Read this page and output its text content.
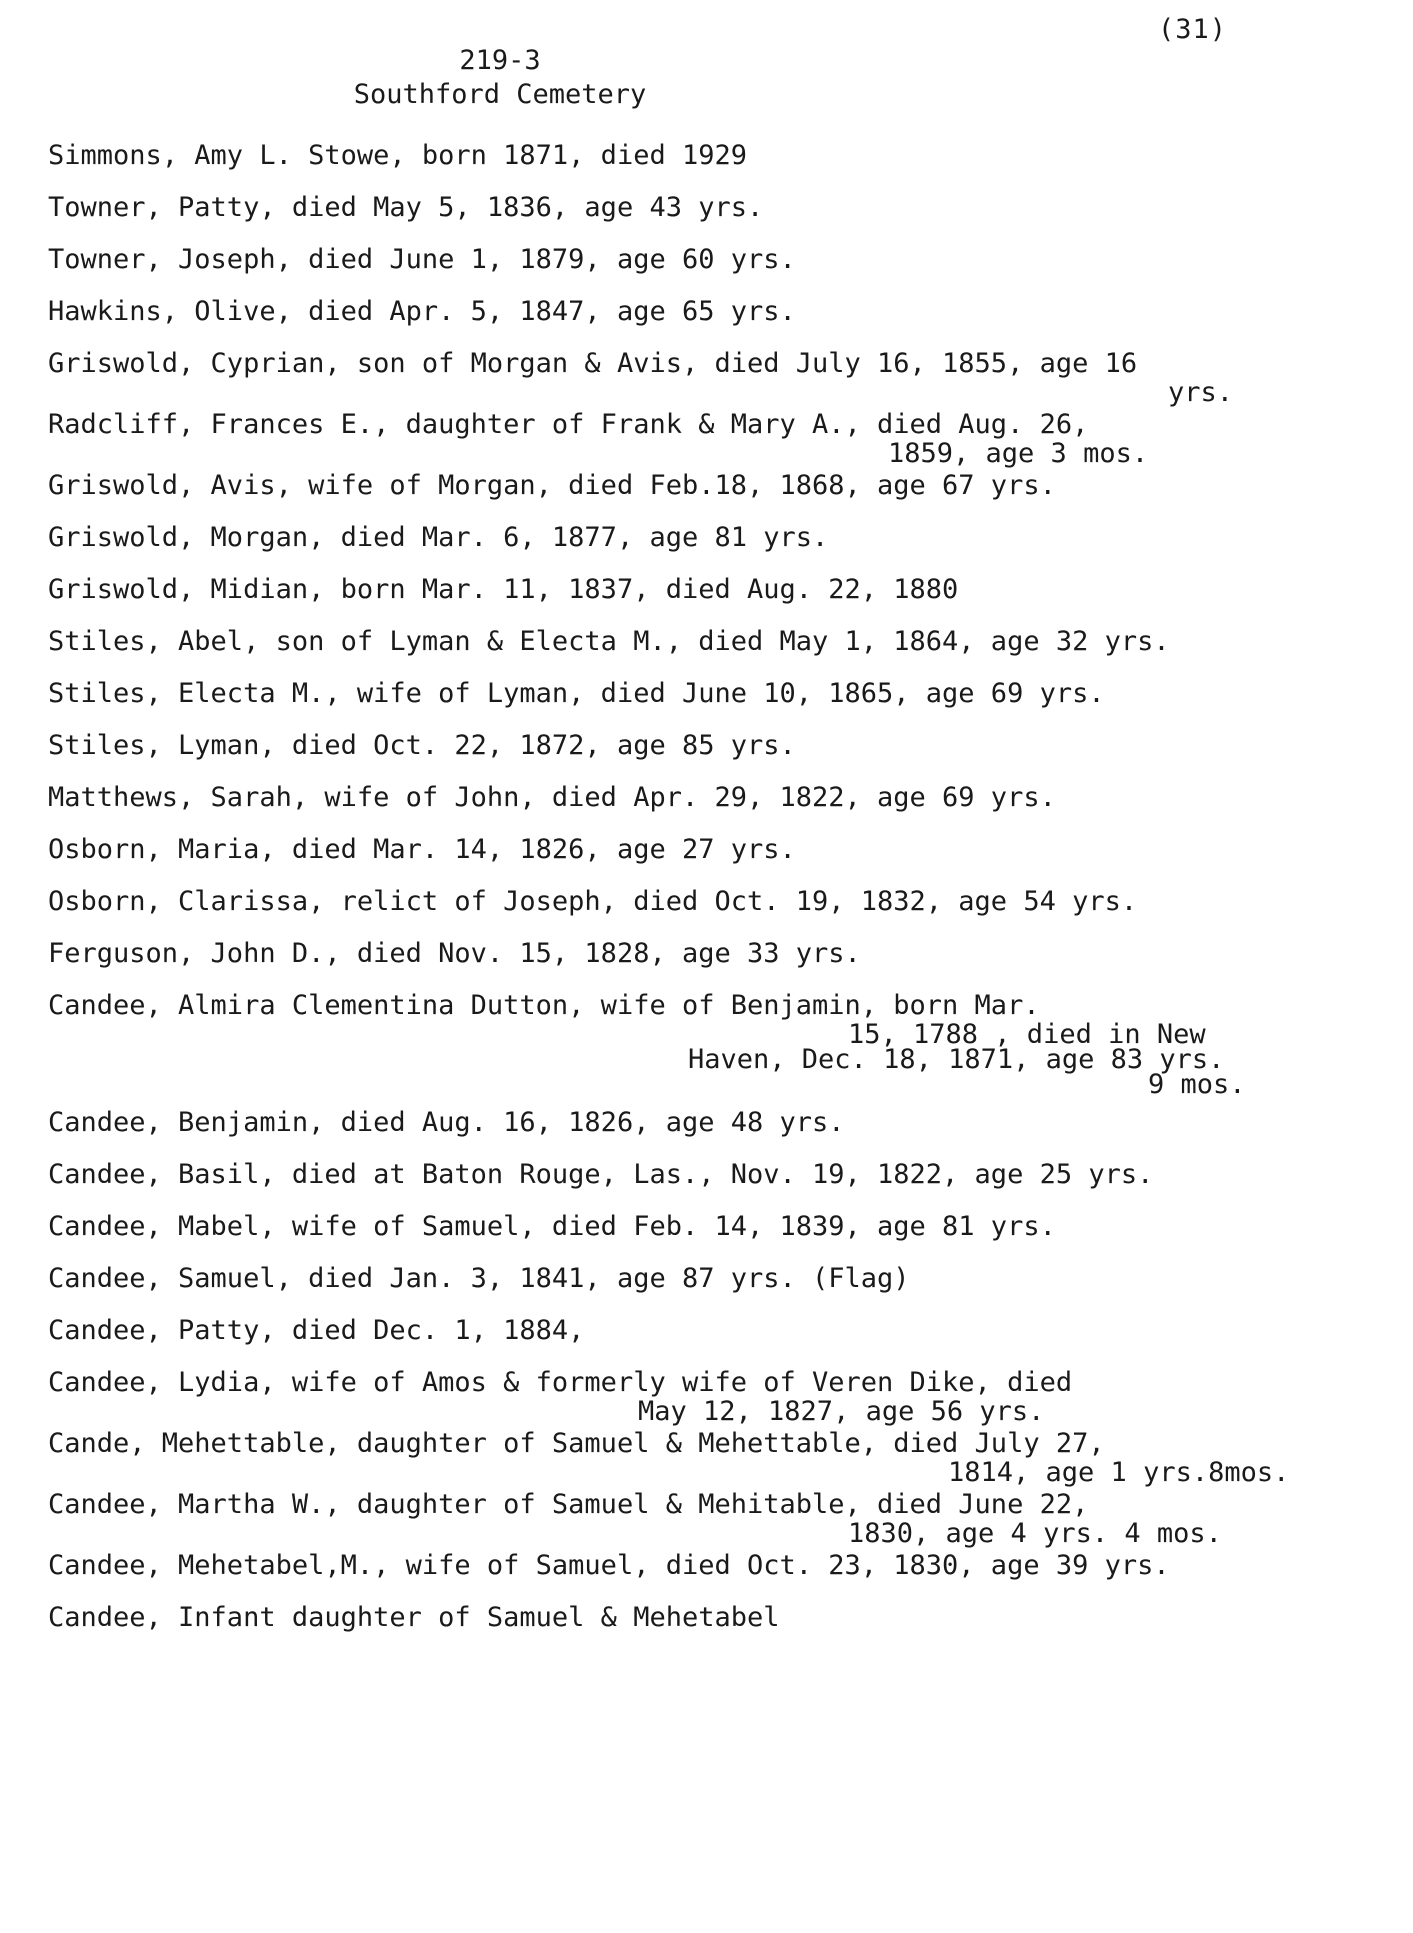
(31)
219-3
Southford Cemetery
Simmons, Amy L. Stowe, born 1871, died 1929
Towner, Patty, died May 5, 1836, age 43 yrs.
Towner, Joseph, died June 1, 1879, age 60 yrs.
Hawkins, Olive, died Apr. 5, 1847, age 65 yrs.
Griswold, Cyprian, son of Morgan & Avis, died July 16, 1855, age 16
yrs.
Radcliff, Frances E., daughter of Frank & Mary A., died Aug. 26,
1859, age 3 mos.
Griswold, Avis, wife of Morgan, died Feb.18, 1868, age 67 yrs.
Griswold, Morgan, died Mar. 6, 1877, age 81 yrs.
Griswold, Midian, born Mar. 11, 1837, died Aug. 22, 1880
Stiles, Abel, son of Lyman & Electa M., died May 1, 1864, age 32 yrs.
Stiles, Electa M., wife of Lyman, died June 10, 1865, age 69 yrs.
Stiles, Lyman, died Oct. 22, 1872, age 85 yrs.
Matthews, Sarah, wife of John, died Apr. 29, 1822, age 69 yrs.
Osborn, Maria, died Mar. 14, 1826, age 27 yrs.
Osborn, Clarissa, relict of Joseph, died Oct. 19, 1832, age 54 yrs.
Ferguson, John D., died Nov. 15, 1828, age 33 yrs.
Candee, Almira Clementina Dutton, wife of Benjamin, born Mar.
15, 1788 , died in New
Haven, Dec. 18, 1871, age 83 yrs.
9 mos.
Candee, Benjamin, died Aug. 16, 1826, age 48 yrs.
Candee, Basil, died at Baton Rouge, Las., Nov. 19, 1822, age 25 yrs.
Candee, Mabel, wife of Samuel, died Feb. 14, 1839, age 81 yrs.
Candee, Samuel, died Jan. 3, 1841, age 87 yrs. (Flag)
Candee, Patty, died Dec. 1, 1884,
Candee, Lydia, wife of Amos & formerly wife of Veren Dike, died
May 12, 1827, age 56 yrs.
Cande, Mehettable, daughter of Samuel & Mehettable, died July 27,
1814, age 1 yrs.8mos.
Candee, Martha W., daughter of Samuel & Mehitable, died June 22,
1830, age 4 yrs. 4 mos.
Candee, Mehetabel,M., wife of Samuel, died Oct. 23, 1830, age 39 yrs.
Candee, Infant daughter of Samuel & Mehetabel
